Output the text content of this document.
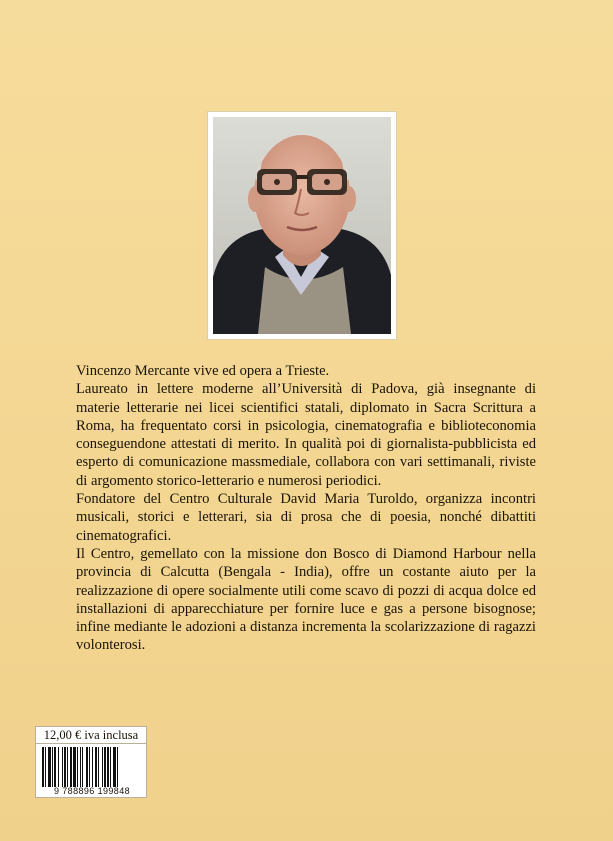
Vincenzo Mercante vive ed opera a Trieste.

Laureato in lettere moderne all’Università di Padova, già insegnante di materie letterarie nei licei scientifici statali, diplomato in Sacra Scrittura a Roma, ha frequentato corsi in psicologia, cinematografia e biblioteconomia conseguendone attestati di merito. In qualità poi di giornalista-pubblicista ed esperto di comunicazione massmediale, collabora con vari settimanali, riviste di argomento storico-letterario e numerosi periodici.

Fondatore del Centro Culturale David Maria Turoldo, organizza incontri musicali, storici e letterari, sia di prosa che di poesia, nonché dibattiti cinematografici.

Il Centro, gemellato con la missione don Bosco di Diamond Harbour nella provincia di Calcutta (Bengala - India), offre un costante aiuto per la realizzazione di opere socialmente utili come scavo di pozzi di acqua dolce ed installazioni di apparecchiature per fornire luce e gas a persone bisognose; infine mediante le adozioni a distanza incrementa la scolarizzazione di ragazzi volonterosi.

12,00 € iva inclusa
9 788896 199848
